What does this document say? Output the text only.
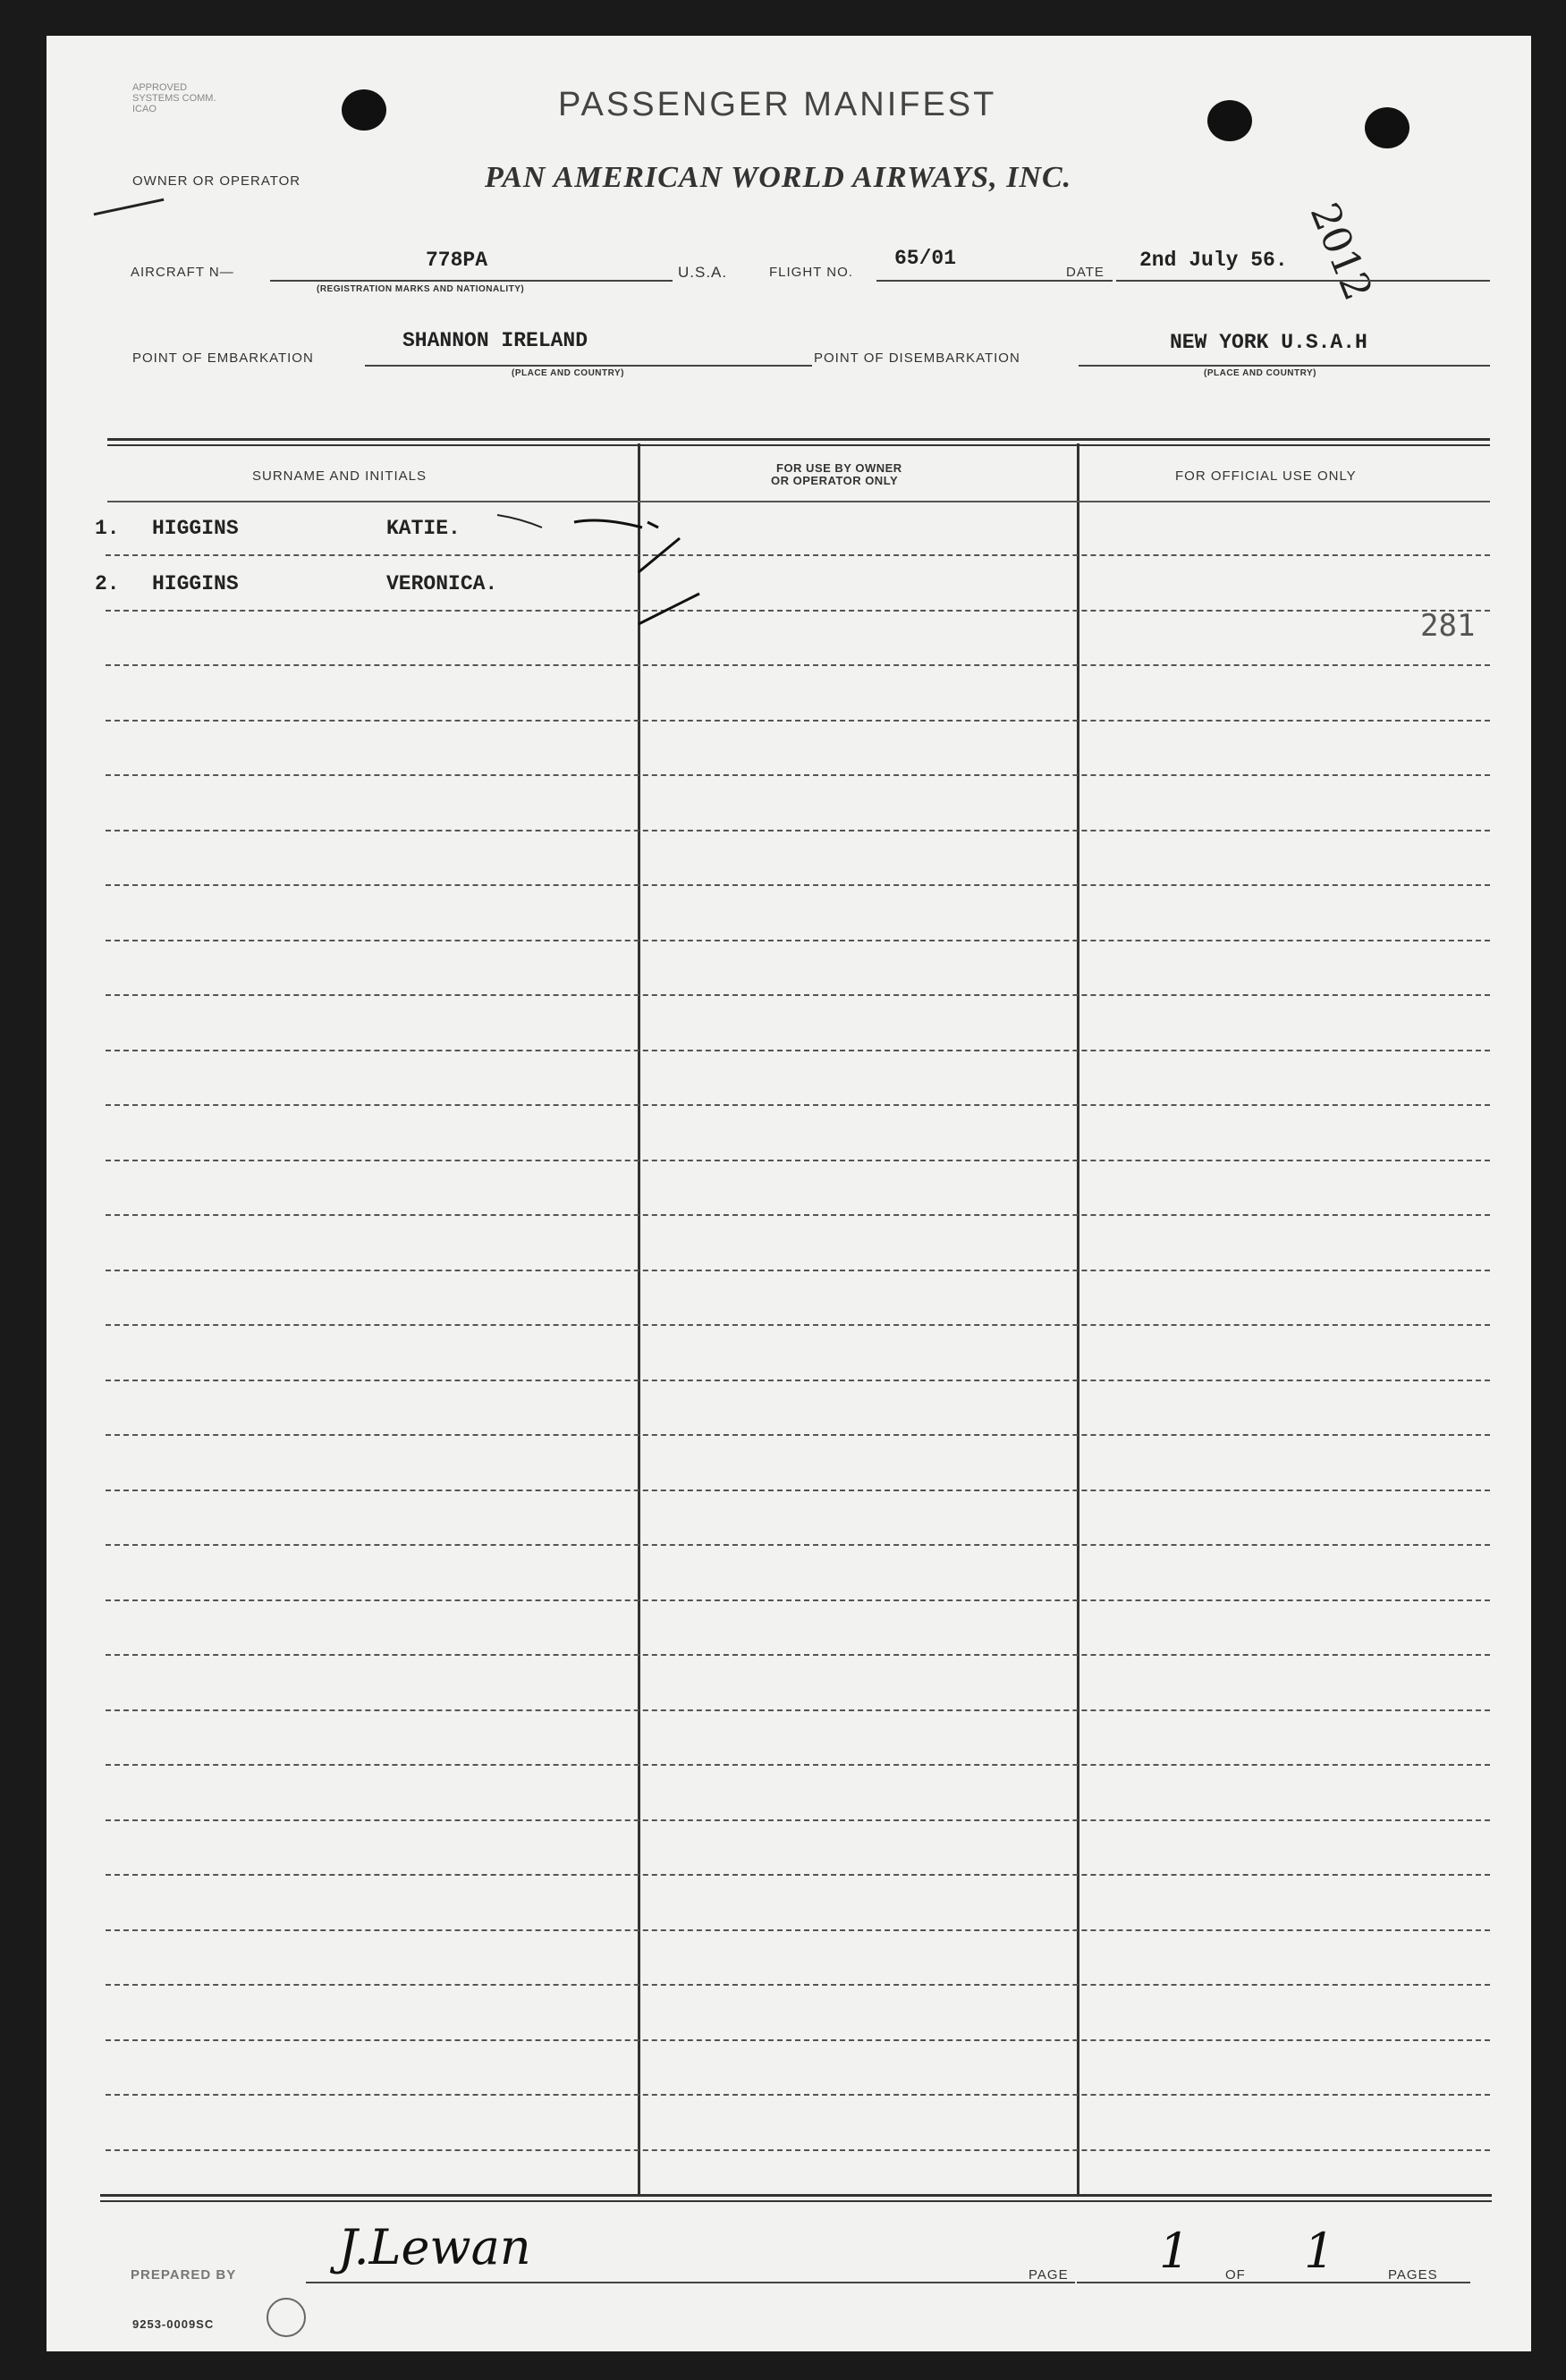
APPROVED
SYSTEMS COMM.
ICAO	PASSENGER MANIFEST
OWNER OR OPERATOR	PAN AMERICAN WORLD AIRWAYS, INC.
2012
AIRCRAFT N—
778PA
(REGISTRATION MARKS AND NATIONALITY)
U.S.A.	FLIGHT NO.
65/01
DATE
2nd July 56.
POINT OF EMBARKATION
SHANNON IRELAND
(PLACE AND COUNTRY)
POINT OF DISEMBARKATION
NEW YORK U.S.A.H
(PLACE AND COUNTRY)
SURNAME AND INITIALS
FOR USE BY OWNER
OR OPERATOR ONLY	FOR OFFICIAL USE ONLY
1. HIGGINS	KATIE.
2. HIGGINS	VERONICA.
281
PREPARED BY J.Lewan	PAGE 1	OF 1	PAGES
9253-0009SC
